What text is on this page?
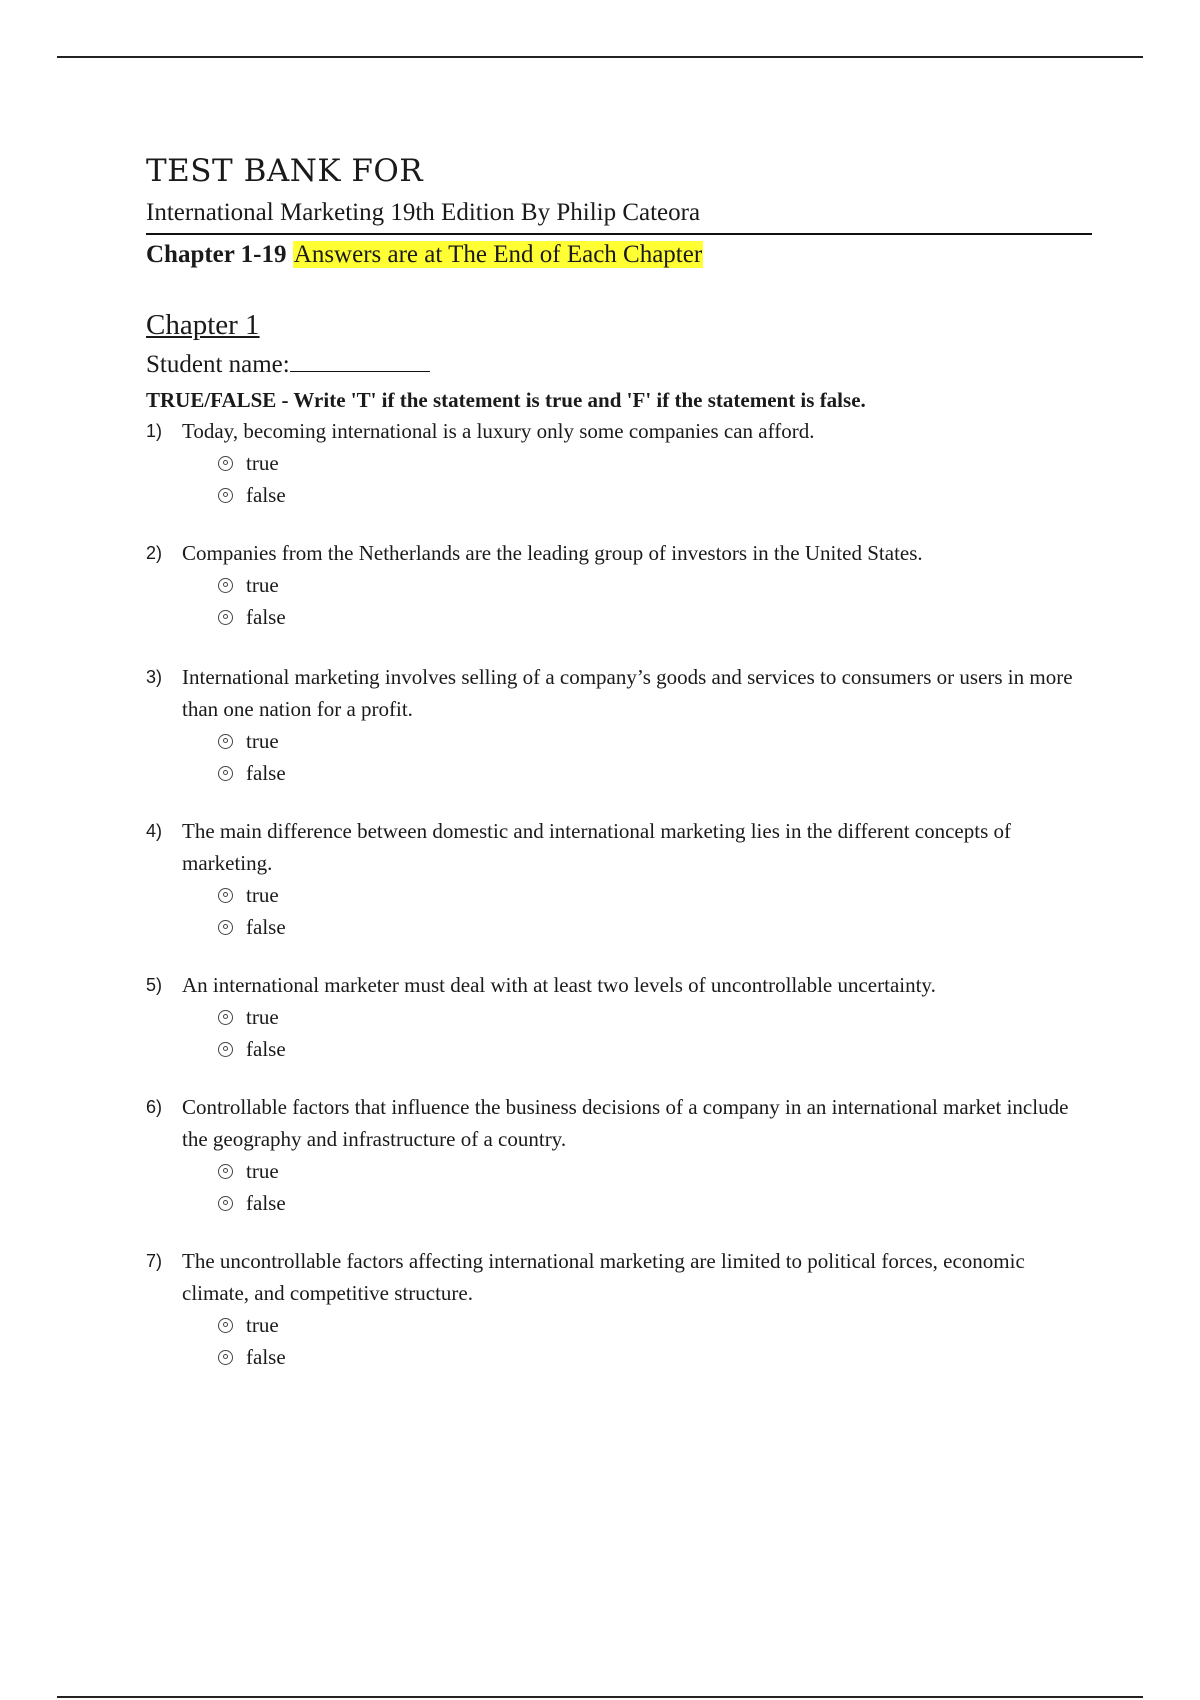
TEST BANK FOR
International Marketing 19th Edition By Philip Cateora
Chapter 1-19 Answers are at The End of Each Chapter
Chapter 1
Student name:
TRUE/FALSE - Write 'T' if the statement is true and 'F' if the statement is false.
1) Today, becoming international is a luxury only some companies can afford.
true
false
2) Companies from the Netherlands are the leading group of investors in the United States.
true
false
3) International marketing involves selling of a company’s goods and services to consumers or users in more than one nation for a profit.
true
false
4) The main difference between domestic and international marketing lies in the different concepts of marketing.
true
false
5) An international marketer must deal with at least two levels of uncontrollable uncertainty.
true
false
6) Controllable factors that influence the business decisions of a company in an international market include the geography and infrastructure of a country.
true
false
7) The uncontrollable factors affecting international marketing are limited to political forces, economic climate, and competitive structure.
true
false
